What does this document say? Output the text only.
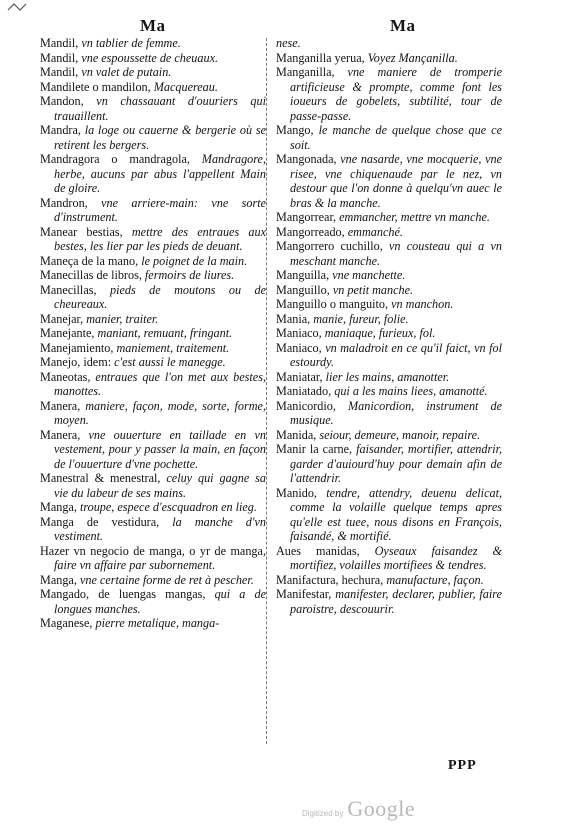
Ma	Ma
Mandil, vn tablier de femme.
Mandil, vne espoussette de cheuaux.
Mandil, vn valet de putain.
Mandilete o mandilon, Macquereau.
Mandon, vn chassauant d'ouuriers qui trauaillent.
Mandra, la loge ou cauerne & bergerie où se retirent les bergers.
Mandragora o mandragola, Mandragore, herbe, aucuns par abus l'appellent Main de gloire.
Mandron, vne arriere-main: vne sorte d'instrument.
Manear bestias, mettre des entraues aux bestes, les lier par les pieds de deuant.
Maneça de la mano, le poignet de la main.
Manecillas de libros, fermoirs de liures.
Manecillas, pieds de moutons ou de cheureaux.
Manejar, manier, traiter.
Manejante, maniant, remuant, fringant.
Manejamiento, maniement, traitement.
Manejo, idem: c'est aussi le manegge.
Maneotas, entraues que l'on met aux bestes, manottes.
Manera, maniere, façon, mode, sorte, forme, moyen.
Manera, vne ouuerture en taillade en vn vestement, pour y passer la main, en façon de l'ouuerture d'vne pochette.
Manestral & menestral, celuy qui gagne sa vie du labeur de ses mains.
Manga, troupe, espece d'escquadron en lieg.
Manga de vestidura, la manche d'vn vestiment.
Hazer vn negocio de manga, o yr de manga, faire vn affaire par subornement.
Manga, vne certaine forme de ret à pescher.
Mangado, de luengas mangas, qui a de longues manches.
Maganese, pierre metalique, manga-
nese.
Manganilla yerua, Voyez Mançanilla.
Manganilla, vne maniere de tromperie artificieuse & prompte, comme font les ioueurs de gobelets, subtilité, tour de passe-passe.
Mango, le manche de quelque chose que ce soit.
Mangonada, vne nasarde, vne mocquerie, vne risee, vne chiquenaude par le nez, vn destour que l'on donne à quelqu'vn auec le bras & la manche.
Mangorrear, emmancher, mettre vn manche.
Mangorreado, emmanché.
Mangorrero cuchillo, vn cousteau qui a vn meschant manche.
Manguilla, vne manchette.
Manguillo, vn petit manche.
Manguillo o manguito, vn manchon.
Mania, manie, fureur, folie.
Maniaco, maniaque, furieux, fol.
Maniaco, vn maladroit en ce qu'il faict, vn fol estourdy.
Maniatar, lier les mains, amanotter.
Maniatado, qui a les mains liees, amanotté.
Manicordio, Manicordion, instrument de musique.
Manida, seiour, demeure, manoir, repaire.
Manir la carne, faisander, mortifier, attendrir, garder d'auiourd'huy pour demain afin de l'attendrir.
Manido, tendre, attendry, deuenu delicat, comme la volaille quelque temps apres qu'elle est tuee, nous disons en François, faisandé, & mortifié.
Aues manidas, Oyseaux faisandez & mortifiez, volailles mortifiees & tendres.
Manifactura, hechura, manufacture, façon.
Manifestar, manifester, declarer, publier, faire paroistre, descouurir.
PPP
Digitized by Google
